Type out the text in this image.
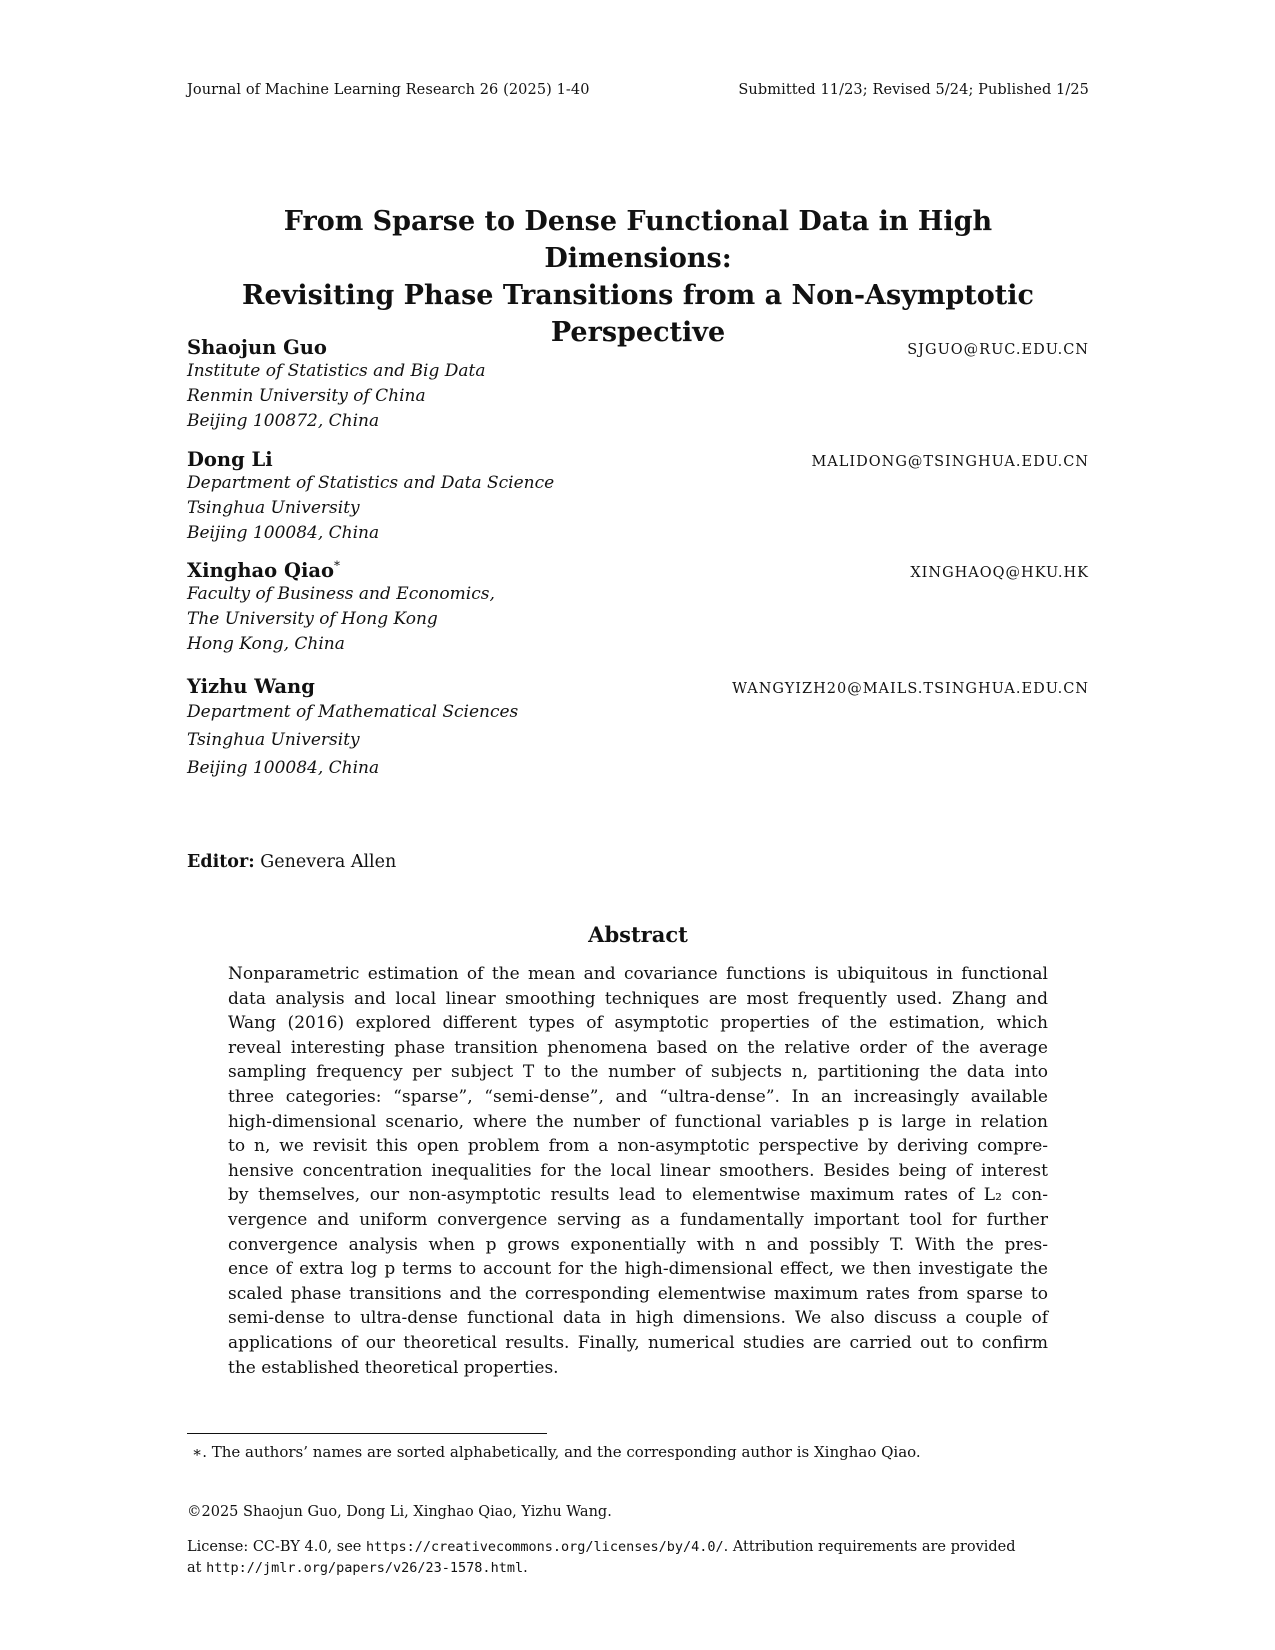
Journal of Machine Learning Research 26 (2025) 1-40	Submitted 11/23; Revised 5/24; Published 1/25
From Sparse to Dense Functional Data in High Dimensions:
Revisiting Phase Transitions from a Non-Asymptotic
Perspective
Shaojun Guo	SJGUO@RUC.EDU.CN
Institute of Statistics and Big Data
Renmin University of China
Beijing 100872, China
Dong Li	MALIDONG@TSINGHUA.EDU.CN
Department of Statistics and Data Science
Tsinghua University
Beijing 100084, China
Xinghao Qiao*	XINGHAOQ@HKU.HK
Faculty of Business and Economics,
The University of Hong Kong
Hong Kong, China
Yizhu Wang	WANGYIZH20@MAILS.TSINGHUA.EDU.CN
Department of Mathematical Sciences
Tsinghua University
Beijing 100084, China
Editor: Genevera Allen
Abstract
Nonparametric estimation of the mean and covariance functions is ubiquitous in functional
data analysis and local linear smoothing techniques are most frequently used. Zhang and
Wang (2016) explored different types of asymptotic properties of the estimation, which
reveal interesting phase transition phenomena based on the relative order of the average
sampling frequency per subject T to the number of subjects n, partitioning the data into
three categories: “sparse”, “semi-dense”, and “ultra-dense”. In an increasingly available
high-dimensional scenario, where the number of functional variables p is large in relation
to n, we revisit this open problem from a non-asymptotic perspective by deriving compre-
hensive concentration inequalities for the local linear smoothers. Besides being of interest
by themselves, our non-asymptotic results lead to elementwise maximum rates of L₂ con-
vergence and uniform convergence serving as a fundamentally important tool for further
convergence analysis when p grows exponentially with n and possibly T. With the pres-
ence of extra log p terms to account for the high-dimensional effect, we then investigate the
scaled phase transitions and the corresponding elementwise maximum rates from sparse to
semi-dense to ultra-dense functional data in high dimensions. We also discuss a couple of
applications of our theoretical results. Finally, numerical studies are carried out to confirm
the established theoretical properties.
∗. The authors’ names are sorted alphabetically, and the corresponding author is Xinghao Qiao.
©2025 Shaojun Guo, Dong Li, Xinghao Qiao, Yizhu Wang.
License: CC-BY 4.0, see https://creativecommons.org/licenses/by/4.0/. Attribution requirements are provided
at http://jmlr.org/papers/v26/23-1578.html.
